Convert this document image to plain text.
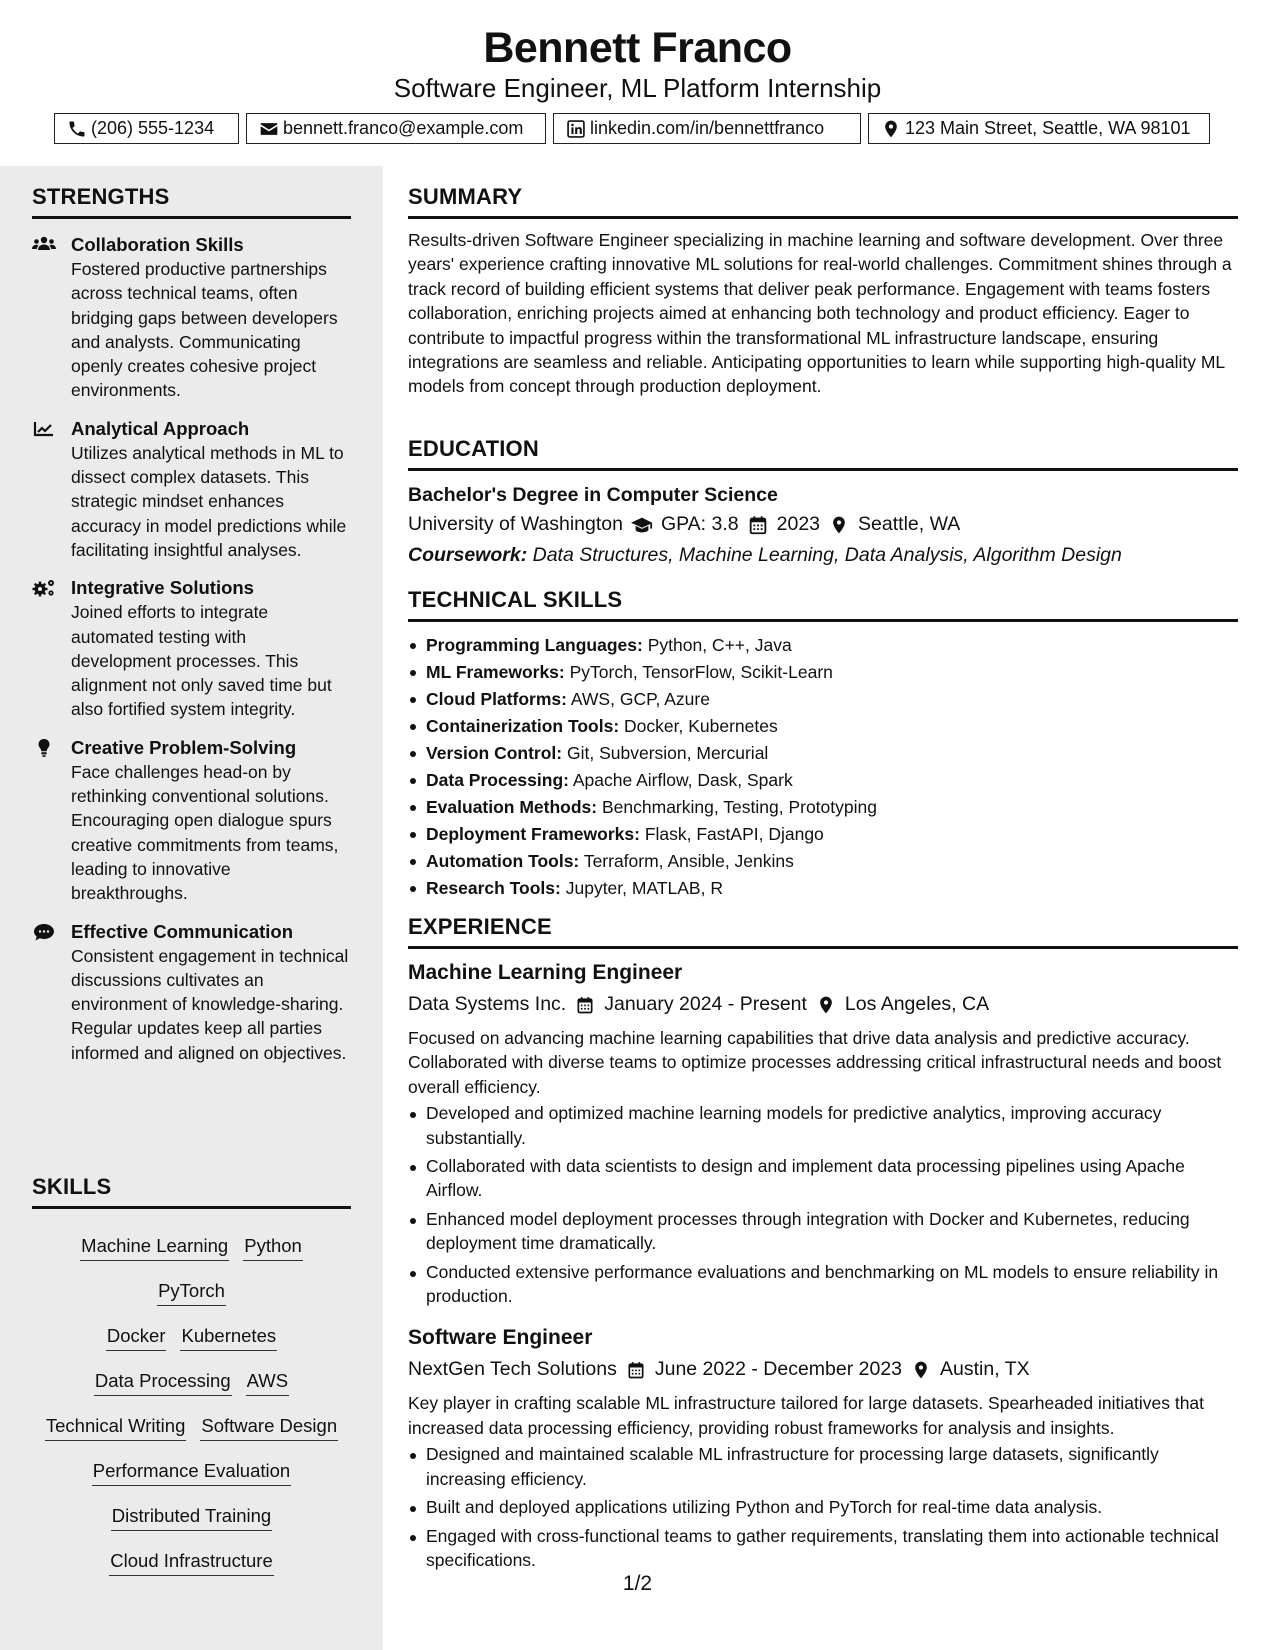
Bennett Franco
Software Engineer, ML Platform Internship
(206) 555-1234	bennett.franco@example.com	linkedin.com/in/bennettfranco	123 Main Street, Seattle, WA 98101
STRENGTHS
Collaboration Skills
Fostered productive partnerships across technical teams, often bridging gaps between developers and analysts. Communicating openly creates cohesive project environments.
Analytical Approach
Utilizes analytical methods in ML to dissect complex datasets. This strategic mindset enhances accuracy in model predictions while facilitating insightful analyses.
Integrative Solutions
Joined efforts to integrate automated testing with development processes. This alignment not only saved time but also fortified system integrity.
Creative Problem-Solving
Face challenges head-on by rethinking conventional solutions. Encouraging open dialogue spurs creative commitments from teams, leading to innovative breakthroughs.
Effective Communication
Consistent engagement in technical discussions cultivates an environment of knowledge-sharing. Regular updates keep all parties informed and aligned on objectives.
SKILLS
Machine Learning PythonPyTorch
Docker Kubernetes
Data Processing AWS
Technical Writing Software Design
Performance Evaluation
Distributed Training
Cloud Infrastructure
SUMMARY

Results-driven Software Engineer specializing in machine learning and software development. Over three years' experience crafting innovative ML solutions for real-world challenges. Commitment shines through a track record of building efficient systems that deliver peak performance. Engagement with teams fosters collaboration, enriching projects aimed at enhancing both technology and product efficiency. Eager to contribute to impactful progress within the transformational ML infrastructure landscape, ensuring integrations are seamless and reliable. Anticipating opportunities to learn while supporting high-quality ML models from concept through production deployment.

EDUCATION
Bachelor's Degree in Computer Science
University of Washington GPA: 3.8 2023 Seattle, WA
Coursework: Data Structures, Machine Learning, Data Analysis, Algorithm Design
TECHNICAL SKILLS
Programming Languages: Python, C++, Java
ML Frameworks: PyTorch, TensorFlow, Scikit-Learn
Cloud Platforms: AWS, GCP, Azure
Containerization Tools: Docker, Kubernetes
Version Control: Git, Subversion, Mercurial
Data Processing: Apache Airflow, Dask, Spark
Evaluation Methods: Benchmarking, Testing, Prototyping
Deployment Frameworks: Flask, FastAPI, Django
Automation Tools: Terraform, Ansible, Jenkins
Research Tools: Jupyter, MATLAB, R
EXPERIENCE
Machine Learning Engineer
Data Systems Inc. January 2024 - Present Los Angeles, CA
Focused on advancing machine learning capabilities that drive data analysis and predictive accuracy. Collaborated with diverse teams to optimize processes addressing critical infrastructural needs and boost overall efficiency.
Developed and optimized machine learning models for predictive analytics, improving accuracy substantially.
Collaborated with data scientists to design and implement data processing pipelines using Apache Airflow.
Enhanced model deployment processes through integration with Docker and Kubernetes, reducing deployment time dramatically.
Conducted extensive performance evaluations and benchmarking on ML models to ensure reliability in production.
Software Engineer
NextGen Tech Solutions June 2022 - December 2023 Austin, TX
Key player in crafting scalable ML infrastructure tailored for large datasets. Spearheaded initiatives that increased data processing efficiency, providing robust frameworks for analysis and insights.
Designed and maintained scalable ML infrastructure for processing large datasets, significantly increasing efficiency.
Built and deployed applications utilizing Python and PyTorch for real-time data analysis.
Engaged with cross-functional teams to gather requirements, translating them into actionable technical specifications.
1/2
